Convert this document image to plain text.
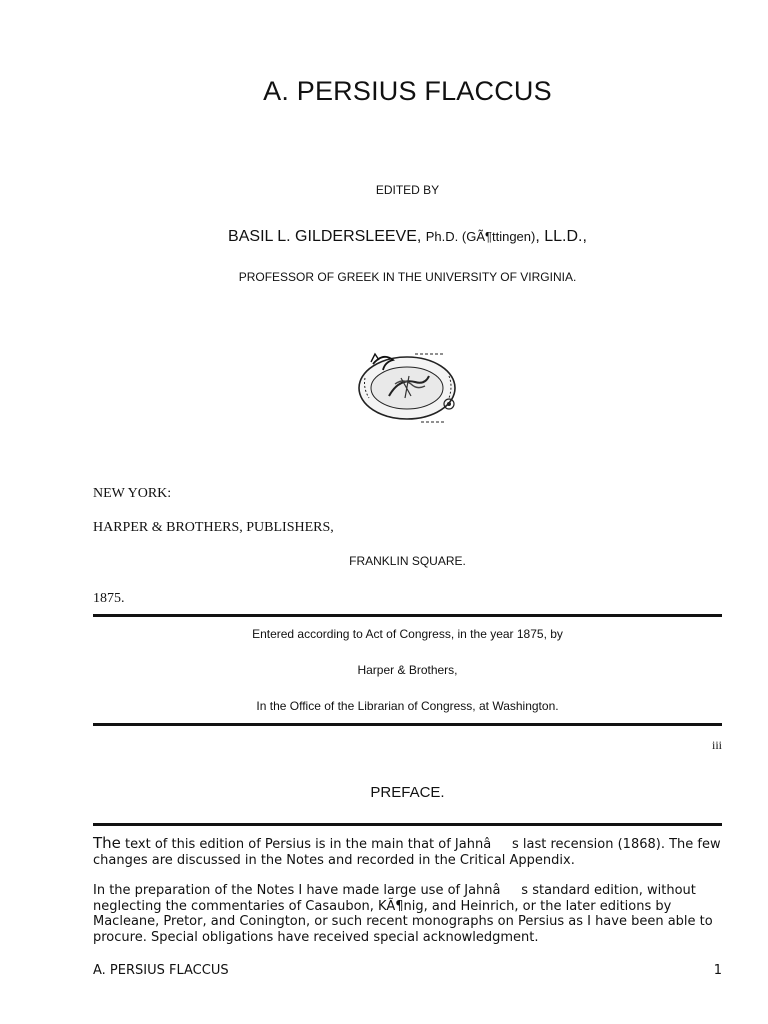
A. PERSIUS FLACCUS
EDITED BY
BASIL L. GILDERSLEEVE, Ph.D. (GÃ¶ttingen), LL.D.,
PROFESSOR OF GREEK IN THE UNIVERSITY OF VIRGINIA.
NEW YORK:
HARPER & BROTHERS, PUBLISHERS,
FRANKLIN SQUARE.
1875.
Entered according to Act of Congress, in the year 1875, by
Harper & Brothers,
In the Office of the Librarian of Congress, at Washington.
iii
PREFACE.
The text of this edition of Persius is in the main that of Jahnâs last recension (1868). The few changes are discussed in the Notes and recorded in the Critical Appendix.
In the preparation of the Notes I have made large use of Jahnâs standard edition, without neglecting the commentaries of Casaubon, KÃ¶nig, and Heinrich, or the later editions by Macleane, Pretor, and Conington, or such recent monographs on Persius as I have been able to procure. Special obligations have received special acknowledgment.
A. PERSIUS FLACCUS	1
